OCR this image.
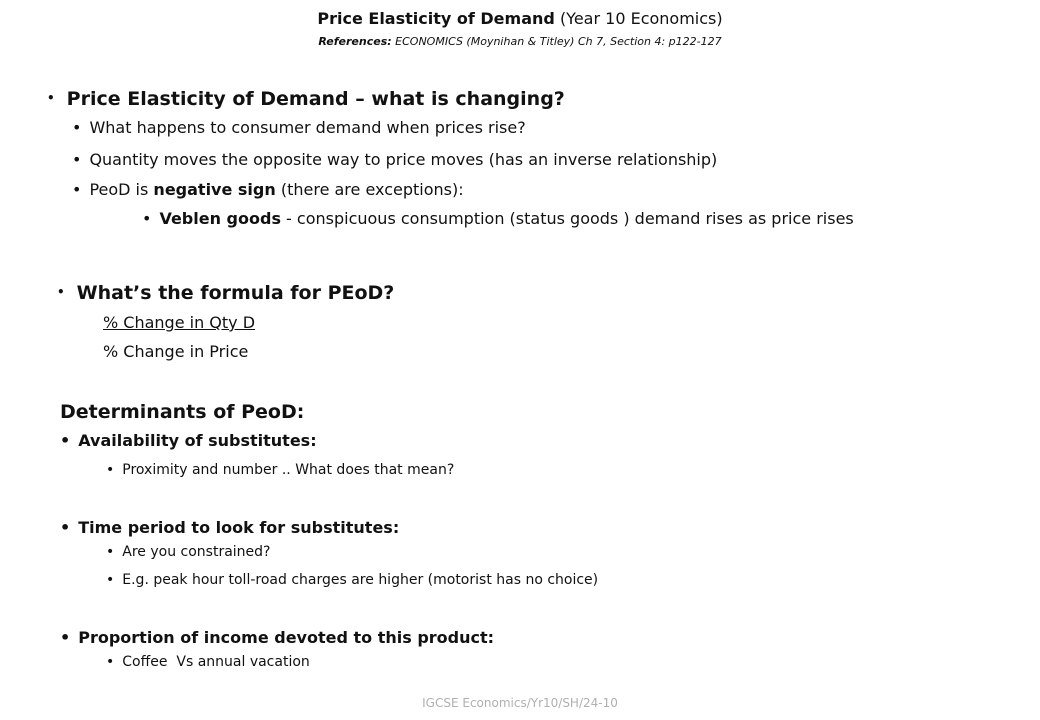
Price Elasticity of Demand (Year 10 Economics)
References: ECONOMICS (Moynihan & Titley) Ch 7, Section 4: p122-127
• Price Elasticity of Demand – what is changing?
• What happens to consumer demand when prices rise?
• Quantity moves the opposite way to price moves (has an inverse relationship)
• PeoD is negative sign (there are exceptions):
• Veblen goods - conspicuous consumption (status goods ) demand rises as price rises
• What’s the formula for PEoD?
% Change in Qty D
% Change in Price
Determinants of PeoD:
• Availability of substitutes:
• Proximity and number .. What does that mean?
• Time period to look for substitutes:
• Are you constrained?
• E.g. peak hour toll-road charges are higher (motorist has no choice)
• Proportion of income devoted to this product:
• Coffee  Vs annual vacation
IGCSE Economics/Yr10/SH/24-10
